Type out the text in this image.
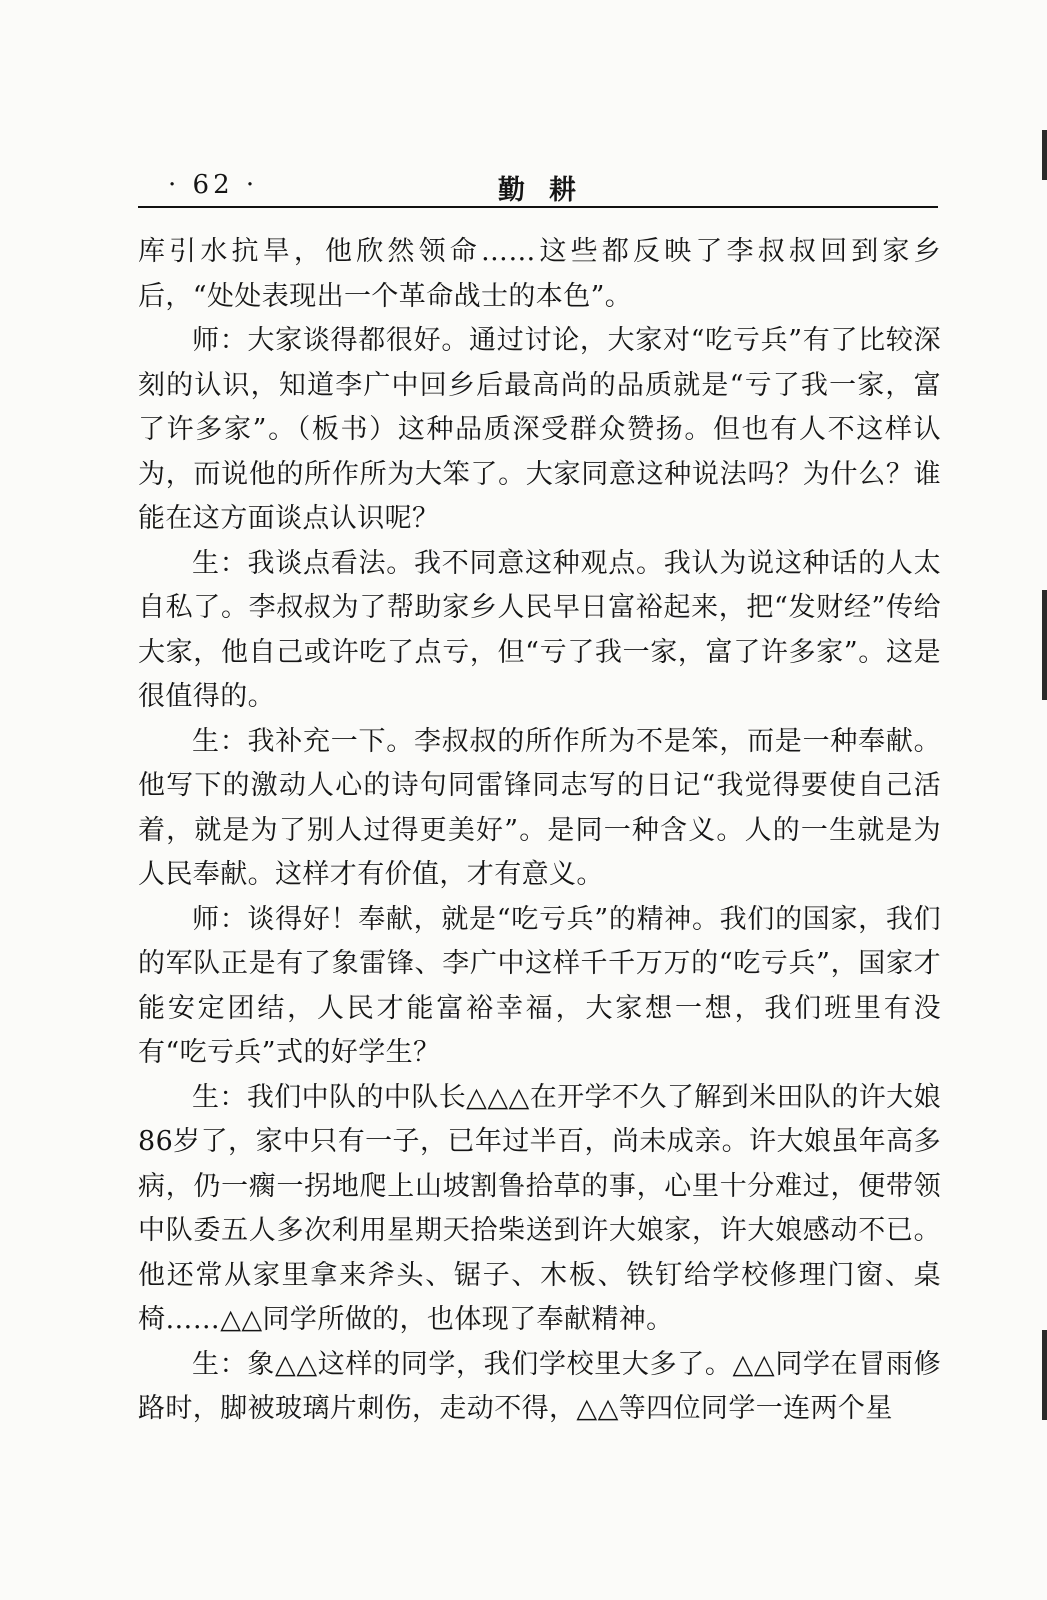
· 62 ·	勤耕

库引水抗旱，他欣然领命……这些都反映了李叔叔回到家乡后，“处处表现出一个革命战士的本色”。

师：大家谈得都很好。通过讨论，大家对“吃亏兵”有了比较深刻的认识，知道李广中回乡后最高尚的品质就是“亏了我一家，富了许多家”。（板书）这种品质深受群众赞扬。但也有人不这样认为，而说他的所作所为大笨了。大家同意这种说法吗？为什么？谁能在这方面谈点认识呢？

生：我谈点看法。我不同意这种观点。我认为说这种话的人太自私了。李叔叔为了帮助家乡人民早日富裕起来，把“发财经”传给大家，他自己或许吃了点亏，但“亏了我一家，富了许多家”。这是很值得的。

生：我补充一下。李叔叔的所作所为不是笨，而是一种奉献。他写下的激动人心的诗句同雷锋同志写的日记“我觉得要使自己活着，就是为了别人过得更美好”。是同一种含义。人的一生就是为人民奉献。这样才有价值，才有意义。

师：谈得好！奉献，就是“吃亏兵”的精神。我们的国家，我们的军队正是有了象雷锋、李广中这样千千万万的“吃亏兵”，国家才能安定团结，人民才能富裕幸福，大家想一想，我们班里有没有“吃亏兵”式的好学生？

生：我们中队的中队长△△△在开学不久了解到米田队的许大娘86岁了，家中只有一子，已年过半百，尚未成亲。许大娘虽年高多病，仍一瘸一拐地爬上山坡割鲁拾草的事，心里十分难过，便带领中队委五人多次利用星期天拾柴送到许大娘家，许大娘感动不已。他还常从家里拿来斧头、锯子、木板、铁钉给学校修理门窗、桌椅……△△同学所做的，也体现了奉献精神。

生：象△△这样的同学，我们学校里大多了。△△同学在冒雨修路时，脚被玻璃片刺伤，走动不得，△△等四位同学一连两个星
